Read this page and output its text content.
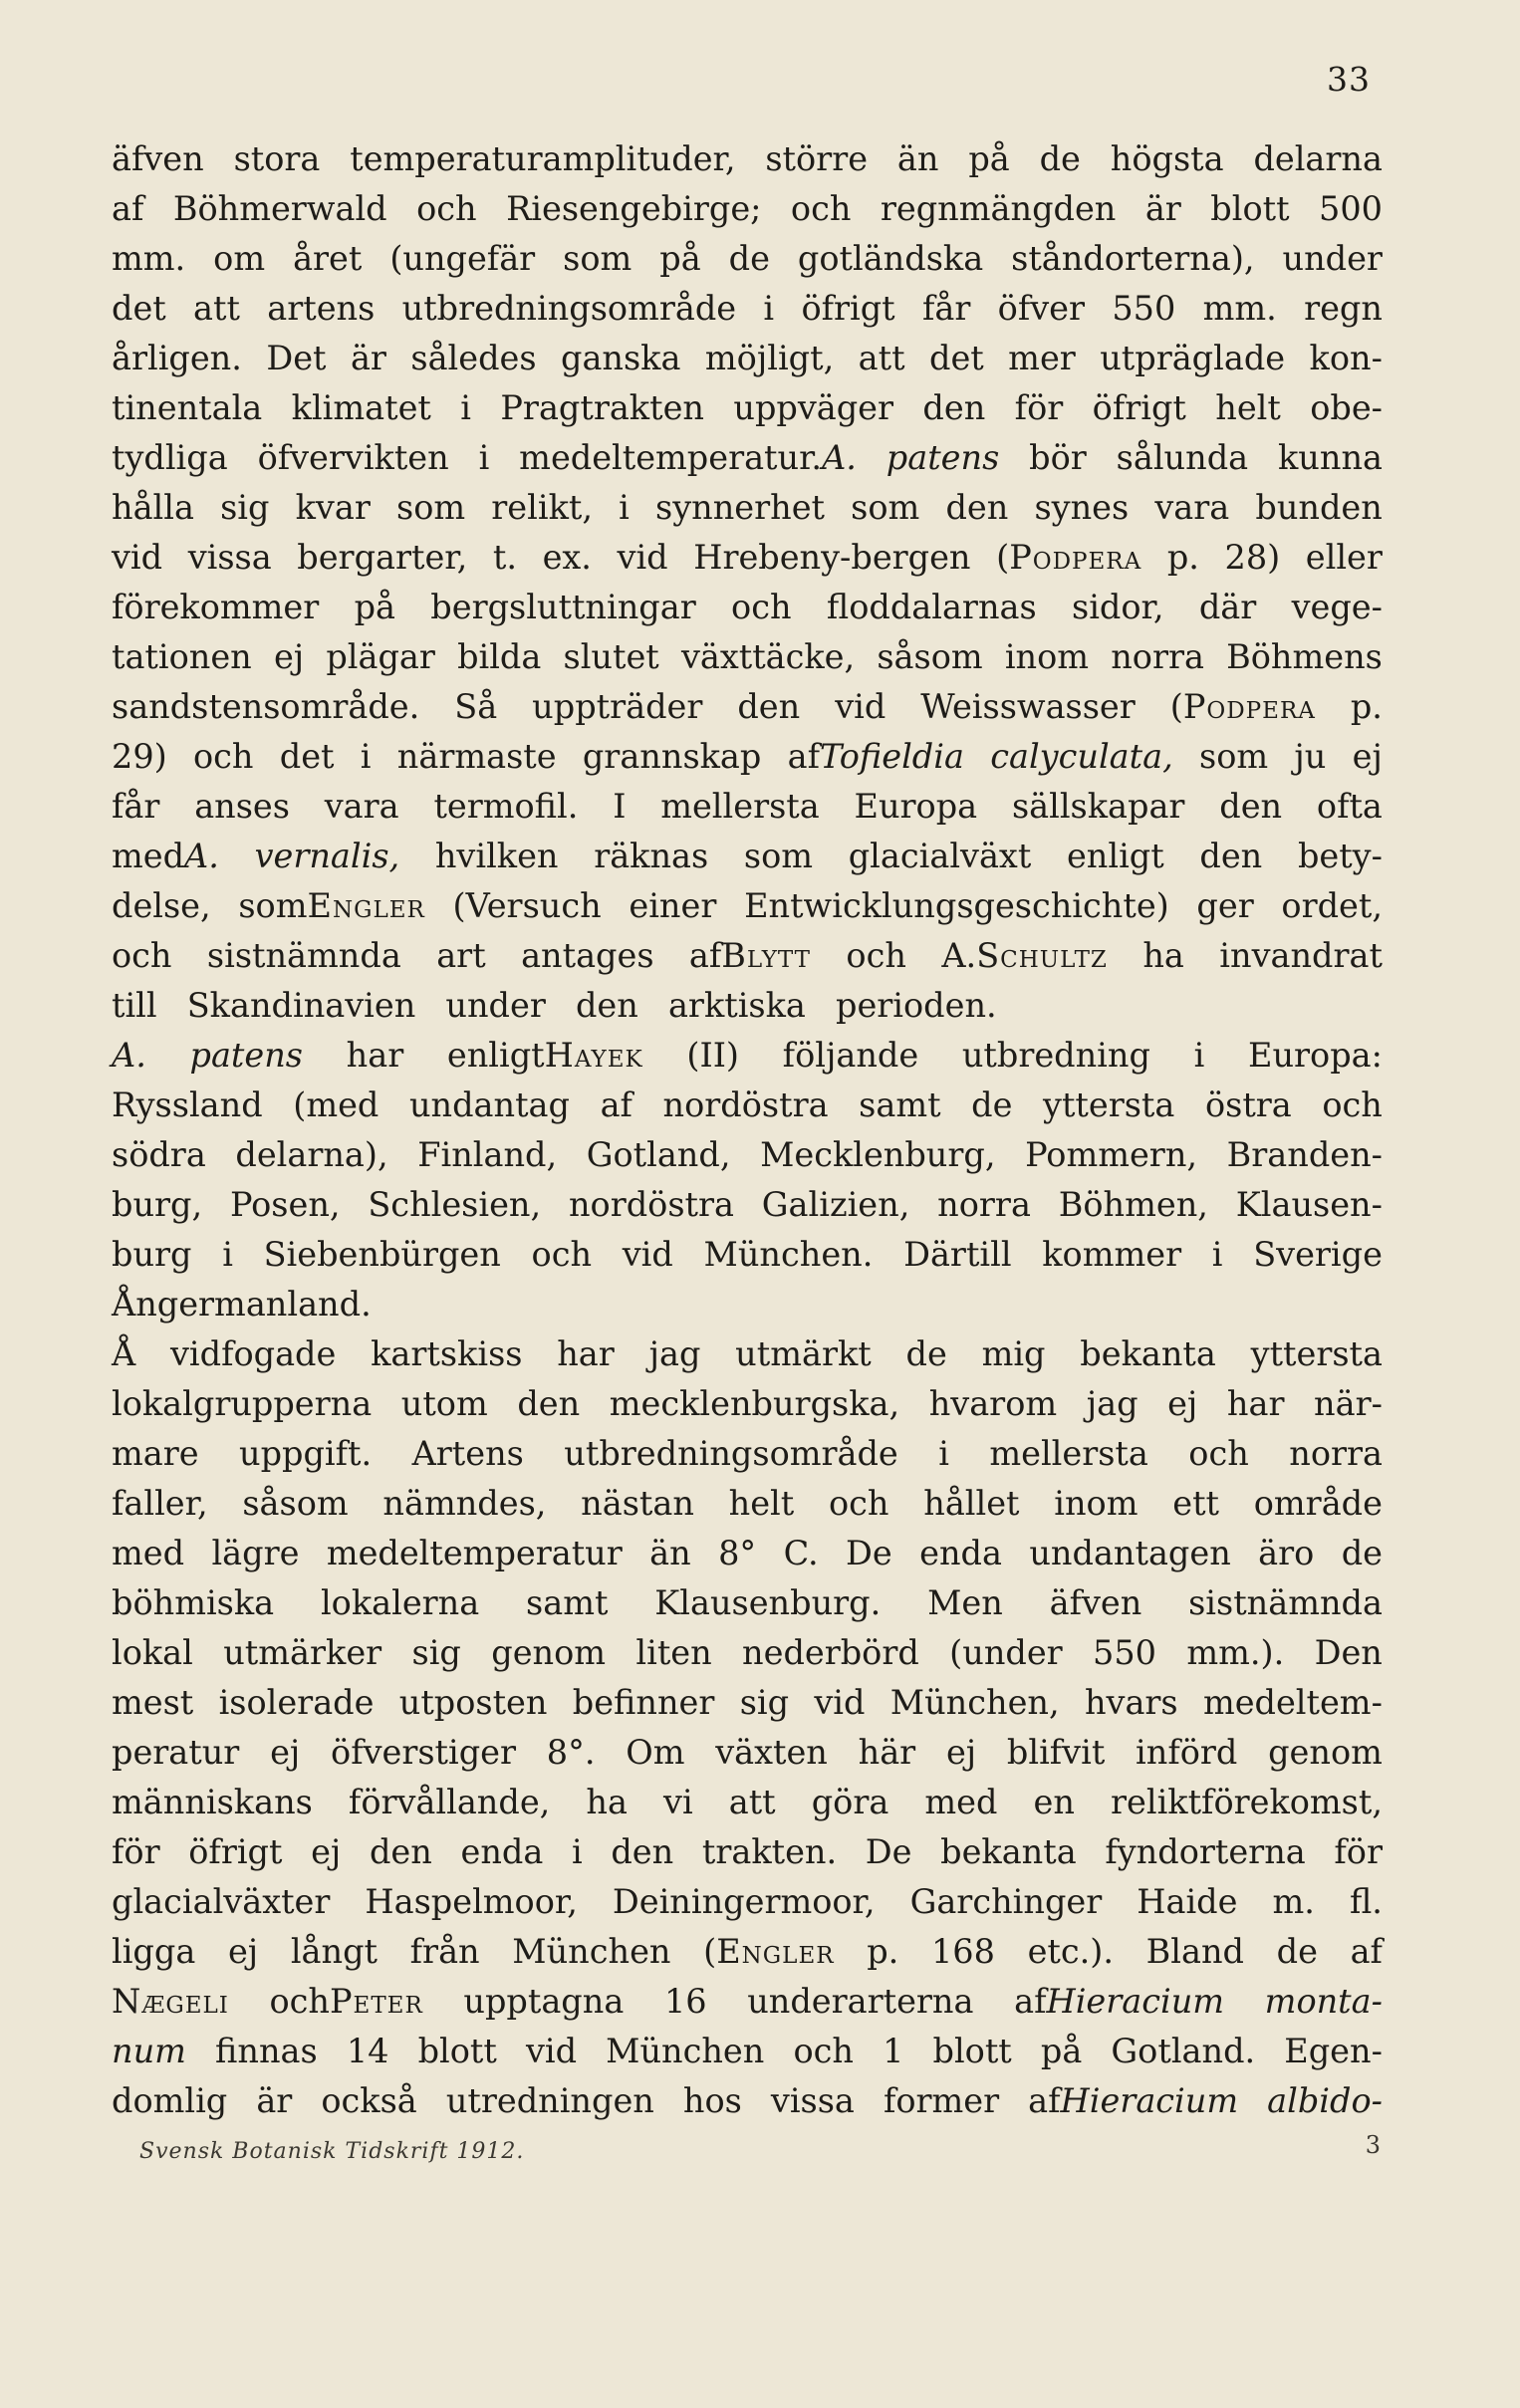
33
äfven stora temperaturamplituder, större än på de högsta delarna
af Böhmerwald och Riesengebirge; och regnmängden är blott 500
mm. om året (ungefär som på de gotländska ståndorterna), under
det att artens utbredningsområde i öfrigt får öfver 550 mm. regn
årligen. Det är således ganska möjligt, att det mer utpräglade kon-
tinentala klimatet i Pragtrakten uppväger den för öfrigt helt obe-
tydliga öfvervikten i medeltemperatur.A. patens bör sålunda kunna
hålla sig kvar som relikt, i synnerhet som den synes vara bunden
vid vissa bergarter, t. ex. vid Hrebeny-bergen (Podpera p. 28) eller
förekommer på bergsluttningar och floddalarnas sidor, där vege-
tationen ej plägar bilda slutet växttäcke, såsom inom norra Böhmens
sandstensområde. Så uppträder den vid Weisswasser (Podpera p.
29) och det i närmaste grannskap afTofieldia calyculata, som ju ej
får anses vara termofil. I mellersta Europa sällskapar den ofta
medA. vernalis, hvilken räknas som glacialväxt enligt den bety-
delse, somEngler (Versuch einer Entwicklungsgeschichte) ger ordet,
och sistnämnda art antages afBlytt och A.Schultz ha invandrat
till Skandinavien under den arktiska perioden.
A. patens har enligtHayek (II) följande utbredning i Europa:
Ryssland (med undantag af nordöstra samt de yttersta östra och
södra delarna), Finland, Gotland, Mecklenburg, Pommern, Branden-
burg, Posen, Schlesien, nordöstra Galizien, norra Böhmen, Klausen-
burg i Siebenbürgen och vid München. Därtill kommer i Sverige
Ångermanland.
Å vidfogade kartskiss har jag utmärkt de mig bekanta yttersta
lokalgrupperna utom den mecklenburgska, hvarom jag ej har när-
mare uppgift. Artens utbredningsområde i mellersta och norra
faller, såsom nämndes, nästan helt och hållet inom ett område
med lägre medeltemperatur än 8° C. De enda undantagen äro de
böhmiska lokalerna samt Klausenburg. Men äfven sistnämnda
lokal utmärker sig genom liten nederbörd (under 550 mm.). Den
mest isolerade utposten befinner sig vid München, hvars medeltem-
peratur ej öfverstiger 8°. Om växten här ej blifvit införd genom
människans förvållande, ha vi att göra med en reliktförekomst,
för öfrigt ej den enda i den trakten. De bekanta fyndorterna för
glacialväxter Haspelmoor, Deiningermoor, Garchinger Haide m. fl.
ligga ej långt från München (Engler p. 168 etc.). Bland de af
Nægeli ochPeter upptagna 16 underarterna afHieracium monta-
num finnas 14 blott vid München och 1 blott på Gotland. Egen-
domlig är också utredningen hos vissa former afHieracium albido-
Svensk Botanisk Tidskrift 1912.	3
